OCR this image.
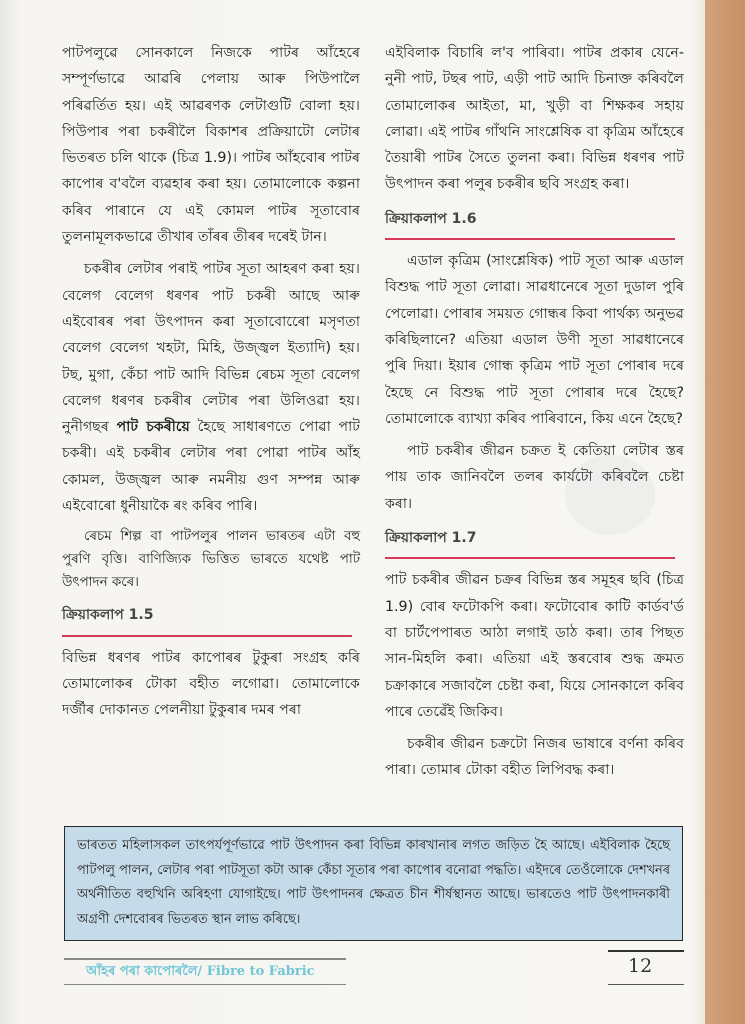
পাটপলুৱে সোনকালে নিজকে পাটৰ আঁহেৰে সম্পূৰ্ণভাৱে আৱৰি পেলায় আৰু পিউপালৈ পৰিৱৰ্তিত হয়। এই আৱৰণক লেটাগুটি বোলা হয়। পিউপাৰ পৰা চকৰীলৈ বিকাশৰ প্ৰক্ৰিয়াটো লেটাৰ ভিতৰত চলি থাকে (চিত্ৰ 1.9)। পাটৰ আঁহবোৰ পাটৰ কাপোৰ ব'বলৈ ব্যৱহাৰ কৰা হয়। তোমালোকে কল্পনা কৰিব পাৰানে যে এই কোমল পাটৰ সূতাবোৰ তুলনামূলকভাৱে তীখাৰ তাঁৰৰ তীৰৰ দৰেই টান।

চকৰীৰ লেটাৰ পৰাই পাটৰ সূতা আহৰণ কৰা হয়। বেলেগ বেলেগ ধৰণৰ পাট চকৰী আছে আৰু এইবোৰৰ পৰা উৎপাদন কৰা সূতাবোৰেো মসৃণতা বেলেগ বেলেগ খহটা, মিহি, উজ্জ্বল ইত্যাদি) হয়। টছ, মুগা, কেঁচা পাট আদি বিভিন্ন ৰেচম সূতা বেলেগ বেলেগ ধৰণৰ চকৰীৰ লেটাৰ পৰা উলিওৱা হয়। নুনীগছৰ পাট চকৰীয়ে হৈছে সাধাৰণতে পোৱা পাট চকৰী। এই চকৰীৰ লেটাৰ পৰা পোৱা পাটৰ আঁহ কোমল, উজ্জ্বল আৰু নমনীয় গুণ সম্পন্ন আৰু এইবোৰো ধুনীয়াকৈ ৰং কৰিব পাৰি।

ৰেচম শিল্প বা পাটপলুৰ পালন ভাৰতৰ এটা বহু পুৰণি বৃত্তি। বাণিজ্যিক ভিত্তিত ভাৰতে যথেষ্ট পাট উৎপাদন কৰে।

ক্ৰিয়াকলাপ 1.5

বিভিন্ন ধৰণৰ পাটৰ কাপোৰৰ টুকুৰা সংগ্ৰহ কৰি তোমালোকৰ টোকা বহীত লগোৱা। তোমালোকে দৰ্জীৰ দোকানত পেলনীয়া টুকুৰাৰ দমৰ পৰা

এইবিলাক বিচাৰি ল'ব পাৰিবা। পাটৰ প্ৰকাৰ যেনে- নুনী পাট, টছৰ পাট, এড়ী পাট আদি চিনাক্ত কৰিবলৈ তোমালোকৰ আইতা, মা, খুড়ী বা শিক্ষকৰ সহায় লোৱা। এই পাটৰ গাঁথনি সাংশ্লেষিক বা কৃত্ৰিম আঁহেৰে তৈয়াৰী পাটৰ সৈতে তুলনা কৰা। বিভিন্ন ধৰণৰ পাট উৎপাদন কৰা পলুৰ চকৰীৰ ছবি সংগ্ৰহ কৰা।

ক্ৰিয়াকলাপ 1.6

এডাল কৃত্ৰিম (সাংশ্লেষিক) পাট সূতা আৰু এডাল বিশুদ্ধ পাট সূতা লোৱা। সাৱধানেৰে সূতা দুডাল পুৰি পেলোৱা। পোৰাৰ সময়ত গোন্ধৰ কিবা পাৰ্থক্য অনুভৱ কৰিছিলানে? এতিয়া এডাল উণী সূতা সাৱধানেৰে পুৰি দিয়া। ইয়াৰ গোন্ধ কৃত্ৰিম পাট সূতা পোৰাৰ দৰে হৈছে নে বিশুদ্ধ পাট সূতা পোৰাৰ দৰে হৈছে? তোমালোকে ব্যাখ্যা কৰিব পাৰিবানে, কিয় এনে হৈছে?

পাট চকৰীৰ জীৱন চক্ৰত ই কেতিয়া লেটাৰ স্তৰ পায় তাক জানিবলৈ তলৰ কাৰ্যটো কৰিবলৈ চেষ্টা কৰা।

ক্ৰিয়াকলাপ 1.7

পাট চকৰীৰ জীৱন চক্ৰৰ বিভিন্ন স্তৰ সমূহৰ ছবি (চিত্ৰ 1.9) বোৰ ফটোকপি কৰা। ফটোবোৰ কাটি কাৰ্ডব'ৰ্ড বা চাৰ্টপেপাৰত আঠা লগাই ডাঠ কৰা। তাৰ পিছত সান-মিহলি কৰা। এতিয়া এই স্তৰবোৰ শুদ্ধ ক্ৰমত চক্ৰাকাৰে সজাবলৈ চেষ্টা কৰা, যিয়ে সোনকালে কৰিব পাৰে তেৱেঁই জিকিব।

চকৰীৰ জীৱন চক্ৰটো নিজৰ ভাষাৰে বৰ্ণনা কৰিব পাৰা। তোমাৰ টোকা বহীত লিপিবদ্ধ কৰা।

ভাৰতত মহিলাসকল তাৎপৰ্যপূৰ্ণভাৱে পাট উৎপাদন কৰা বিভিন্ন কাৰখানাৰ লগত জড়িত হৈ আছে। এইবিলাক হৈছে পাটপলু পালন, লেটাৰ পৰা পাটসূতা কটা আৰু কেঁচা সূতাৰ পৰা কাপোৰ বনোৱা পদ্ধতি। এইদৰে তেওঁলোকে দেশখনৰ অৰ্থনীতিত বহুখিনি অৰিহণা যোগাইছে। পাট উৎপাদনৰ ক্ষেত্ৰত চীন শীৰ্ষস্থানত আছে। ভাৰতেও পাট উৎপাদনকাৰী অগ্ৰণী দেশবোৰৰ ভিতৰত স্থান লাভ কৰিছে।
আঁহৰ পৰা কাপোৰলৈ/ Fibre to Fabric	12
